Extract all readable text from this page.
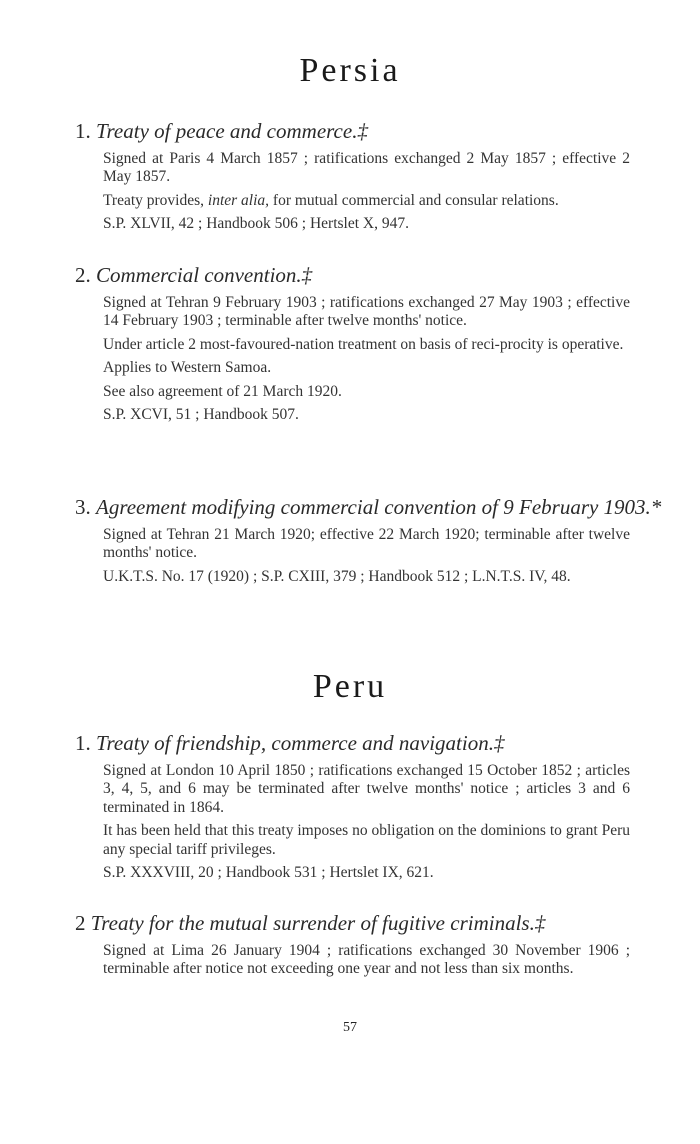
Persia
1. Treaty of peace and commerce.‡

Signed at Paris 4 March 1857 ; ratifications exchanged 2 May 1857 ; effective 2 May 1857.

Treaty provides, inter alia, for mutual commercial and consular relations.

S.P. XLVII, 42 ; Handbook 506 ; Hertslet X, 947.

2. Commercial convention.‡

Signed at Tehran 9 February 1903 ; ratifications exchanged 27 May 1903 ; effective 14 February 1903 ; terminable after twelve months' notice.

Under article 2 most-favoured-nation treatment on basis of reci-procity is operative.

Applies to Western Samoa.

See also agreement of 21 March 1920.

S.P. XCVI, 51 ; Handbook 507.

3. Agreement modifying commercial convention of 9 February 1903.*

Signed at Tehran 21 March 1920; effective 22 March 1920; terminable after twelve months' notice.

U.K.T.S. No. 17 (1920) ; S.P. CXIII, 379 ; Handbook 512 ; L.N.T.S. IV, 48.

Peru
1. Treaty of friendship, commerce and navigation.‡

Signed at London 10 April 1850 ; ratifications exchanged 15 October 1852 ; articles 3, 4, 5, and 6 may be terminated after twelve months' notice ; articles 3 and 6 terminated in 1864.

It has been held that this treaty imposes no obligation on the dominions to grant Peru any special tariff privileges.

S.P. XXXVIII, 20 ; Handbook 531 ; Hertslet IX, 621.

2 Treaty for the mutual surrender of fugitive criminals.‡

Signed at Lima 26 January 1904 ; ratifications exchanged 30 November 1906 ; terminable after notice not exceeding one year and not less than six months.

57
